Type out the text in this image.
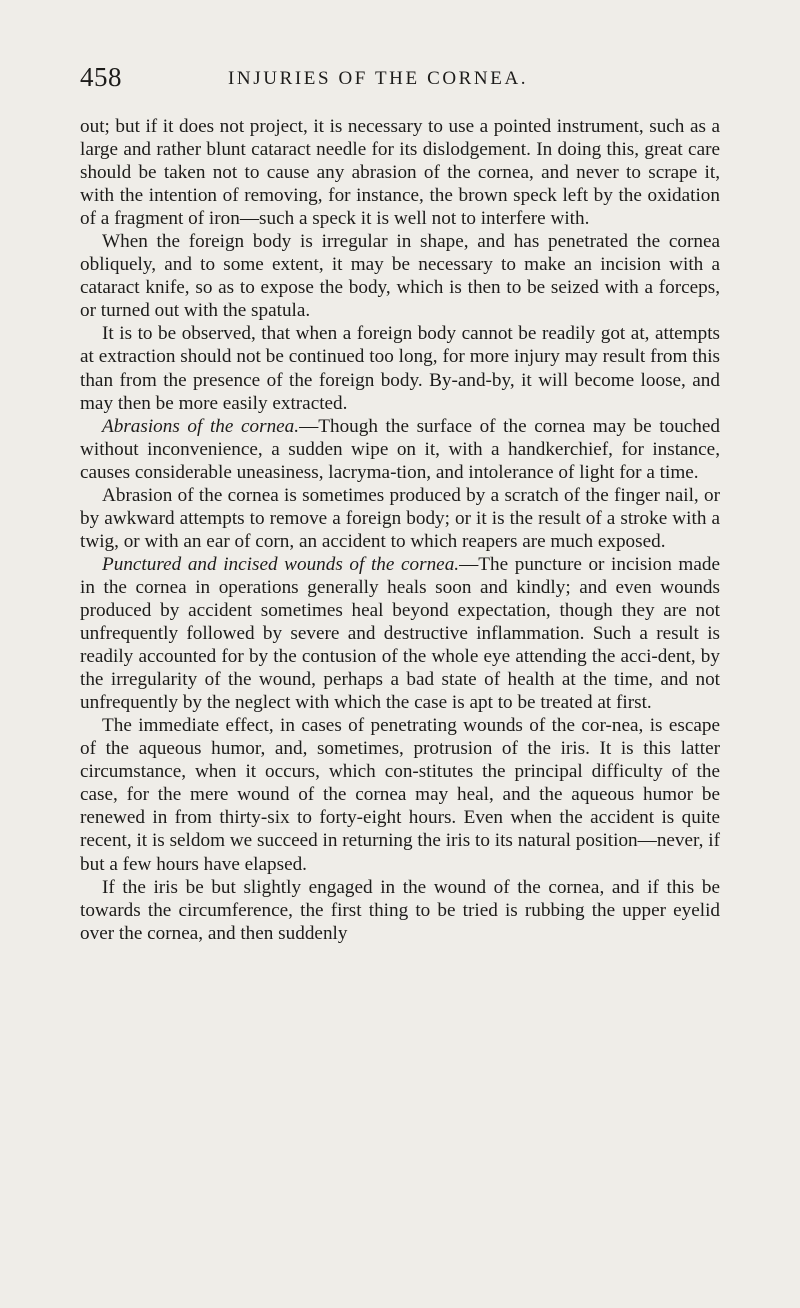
458	INJURIES OF THE CORNEA.

out; but if it does not project, it is necessary to use a pointed instrument, such as a large and rather blunt cataract needle for its dislodgement. In doing this, great care should be taken not to cause any abrasion of the cornea, and never to scrape it, with the intention of removing, for instance, the brown speck left by the oxidation of a fragment of iron—such a speck it is well not to interfere with.

When the foreign body is irregular in shape, and has penetrated the cornea obliquely, and to some extent, it may be necessary to make an incision with a cataract knife, so as to expose the body, which is then to be seized with a forceps, or turned out with the spatula.

It is to be observed, that when a foreign body cannot be readily got at, attempts at extraction should not be continued too long, for more injury may result from this than from the presence of the foreign body. By-and-by, it will become loose, and may then be more easily extracted.

Abrasions of the cornea.—Though the surface of the cornea may be touched without inconvenience, a sudden wipe on it, with a handkerchief, for instance, causes considerable uneasiness, lacryma-tion, and intolerance of light for a time.

Abrasion of the cornea is sometimes produced by a scratch of the finger nail, or by awkward attempts to remove a foreign body; or it is the result of a stroke with a twig, or with an ear of corn, an accident to which reapers are much exposed.

Punctured and incised wounds of the cornea.—The puncture or incision made in the cornea in operations generally heals soon and kindly; and even wounds produced by accident sometimes heal beyond expectation, though they are not unfrequently followed by severe and destructive inflammation. Such a result is readily accounted for by the contusion of the whole eye attending the acci-dent, by the irregularity of the wound, perhaps a bad state of health at the time, and not unfrequently by the neglect with which the case is apt to be treated at first.

The immediate effect, in cases of penetrating wounds of the cor-nea, is escape of the aqueous humor, and, sometimes, protrusion of the iris. It is this latter circumstance, when it occurs, which con-stitutes the principal difficulty of the case, for the mere wound of the cornea may heal, and the aqueous humor be renewed in from thirty-six to forty-eight hours. Even when the accident is quite recent, it is seldom we succeed in returning the iris to its natural position—never, if but a few hours have elapsed.

If the iris be but slightly engaged in the wound of the cornea, and if this be towards the circumference, the first thing to be tried is rubbing the upper eyelid over the cornea, and then suddenly
